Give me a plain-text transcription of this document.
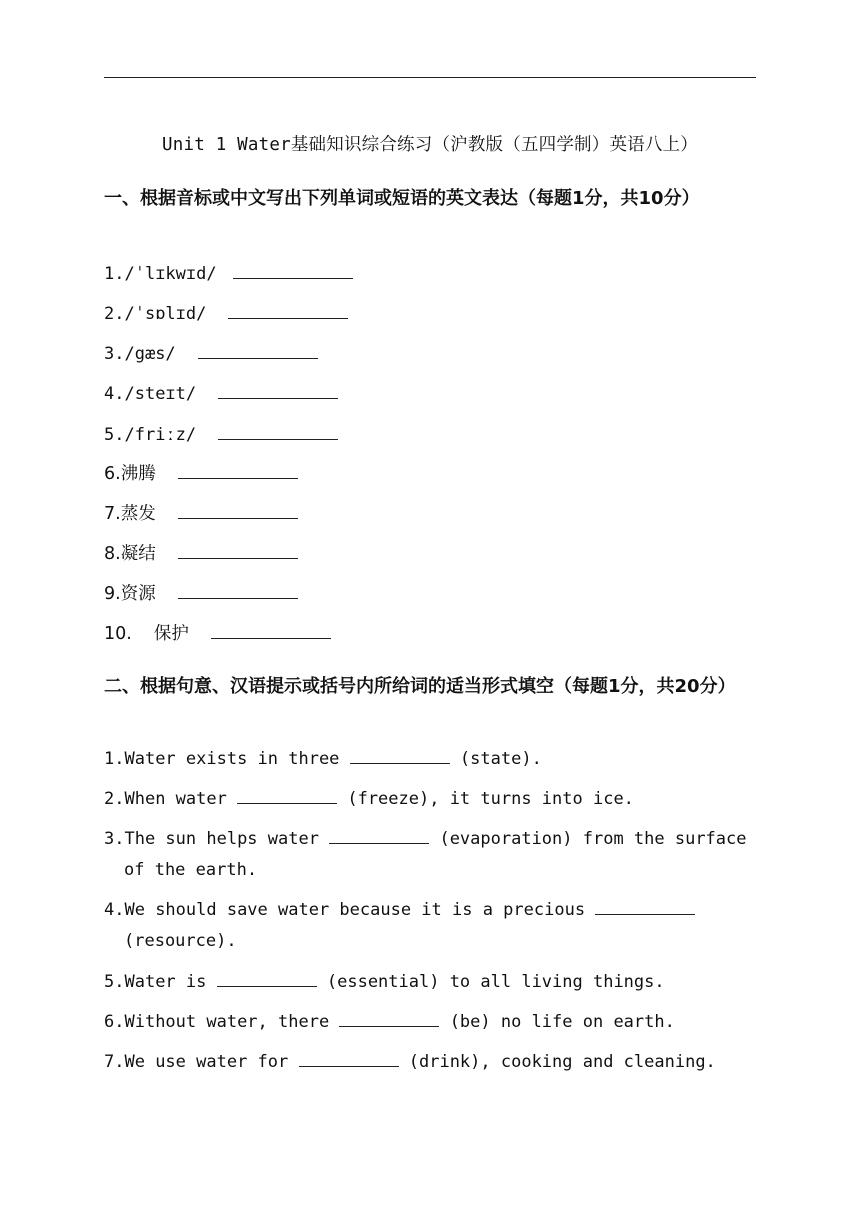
Unit 1 Water基础知识综合练习（沪教版（五四学制）英语八上）
一、根据音标或中文写出下列单词或短语的英文表达（每题1分，共10分）
1./ˈlɪkwɪd/
2./ˈsɒlɪd/
3./gæs/
4./steɪt/
5./friːz/
6.沸腾
7.蒸发
8.凝结
9.资源
10. 保护
二、根据句意、汉语提示或括号内所给词的适当形式填空（每题1分，共20分）
1.Water exists in three	(state).
2.When water	(freeze), it turns into ice.
3.The sun helps water	(evaporation) from the surface
of the earth.
4.We should save water because it is a precious
(resource).
5.Water is	(essential) to all living things.
6.Without water, there	(be) no life on earth.
7.We use water for	(drink), cooking and cleaning.
